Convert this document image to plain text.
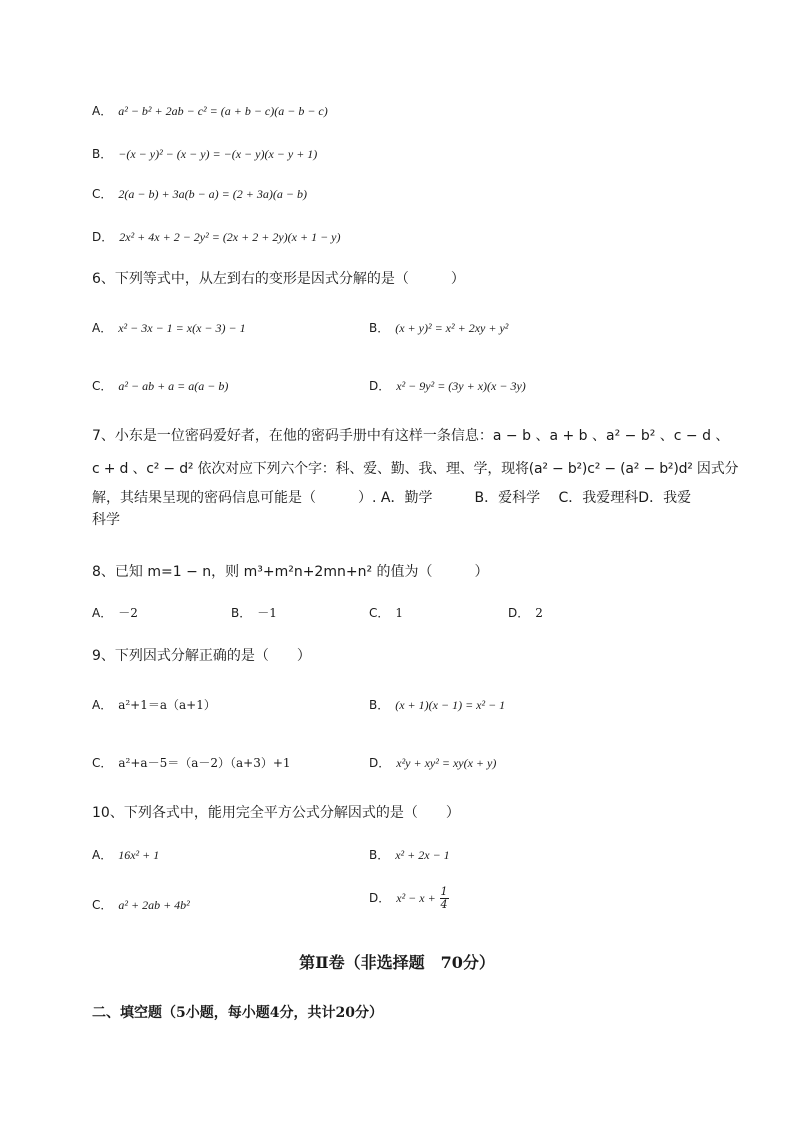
A． a² − b² + 2ab − c² = (a + b − c)(a − b − c)
B． −(x − y)² − (x − y) = −(x − y)(x − y + 1)
C． 2(a − b) + 3a(b − a) = (2 + 3a)(a − b)
D． 2x² + 4x + 2 − 2y² = (2x + 2 + 2y)(x + 1 − y)
6、下列等式中，从左到右的变形是因式分解的是（　　　）
A． x² − 3x − 1 = x(x − 3) − 1	B． (x + y)² = x² + 2xy + y²
C． a² − ab + a = a(a − b)	D． x² − 9y² = (3y + x)(x − 3y)
7、小东是一位密码爱好者，在他的密码手册中有这样一条信息：a − b 、a + b 、a² − b² 、c − d 、
c + d 、c² − d² 依次对应下列六个字：科、爱、勤、我、理、学，现将(a² − b²)c² − (a² − b²)d² 因式分
解，其结果呈现的密码信息可能是（　　　）. A．勤学　　　B．爱科学　 C．我爱理科D．我爱
科学
8、已知 m=1 − n，则 m³+m²n+2mn+n² 的值为（　　　）
A． －2	B． －1	C． 1	D． 2
9、下列因式分解正确的是（　　）
A． a²+1＝a（a+1）	B． (x + 1)(x − 1) = x² − 1
C． a²+a－5＝（a－2）（a+3）+1	D． x²y + xy² = xy(x + y)
10、下列各式中，能用完全平方公式分解因式的是（　　）
A． 16x² + 1	B． x² + 2x − 1
C． a² + 2ab + 4b²	D． $x^2 - x + \frac{1}{4}$
第Ⅱ卷（非选择题　70分）
二、填空题（5小题，每小题4分，共计20分）
